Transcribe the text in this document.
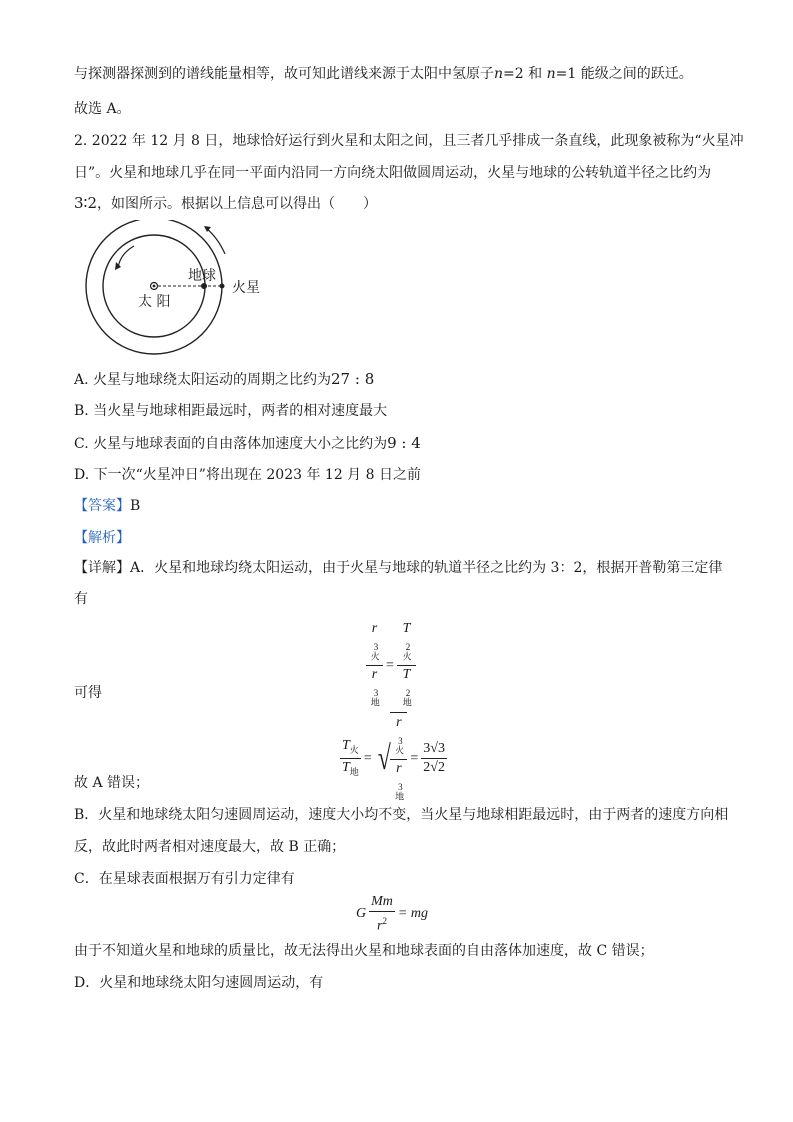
与探测器探测到的谱线能量相等，故可知此谱线来源于太阳中氢原子n=2 和 n=1 能级之间的跃迁。
故选 A。
2. 2022 年 12 月 8 日，地球恰好运行到火星和太阳之间，且三者几乎排成一条直线，此现象被称为“火星冲
日”。火星和地球几乎在同一平面内沿同一方向绕太阳做圆周运动，火星与地球的公转轨道半径之比约为
3∶2，如图所示。根据以上信息可以得出（　　）
太 阳
地球
火星
A. 火星与地球绕太阳运动的周期之比约为27 : 8
B. 当火星与地球相距最远时，两者的相对速度最大
C. 火星与地球表面的自由落体加速度大小之比约为9 : 4
D. 下一次“火星冲日”将出现在 2023 年 12 月 8 日之前
【答案】B
【解析】
【详解】A．火星和地球均绕太阳运动，由于火星与地球的轨道半径之比约为 3：2，根据开普勒第三定律
有
$\frac{r_火^3}{r_地^3} = \frac{T_火^2}{T_地^2}$
可得
$\frac{T_火}{T_地}$ = √ $\frac{r_火^3}{r_地^3} = \frac{3√3}{2√2}$
故 A 错误；
B．火星和地球绕太阳匀速圆周运动，速度大小均不变，当火星与地球相距最远时，由于两者的速度方向相
反，故此时两者相对速度最大，故 B 正确；
C．在星球表面根据万有引力定律有
G $\frac{Mm}{r^2}$ = mg
由于不知道火星和地球的质量比，故无法得出火星和地球表面的自由落体加速度，故 C 错误；
D．火星和地球绕太阳匀速圆周运动，有
